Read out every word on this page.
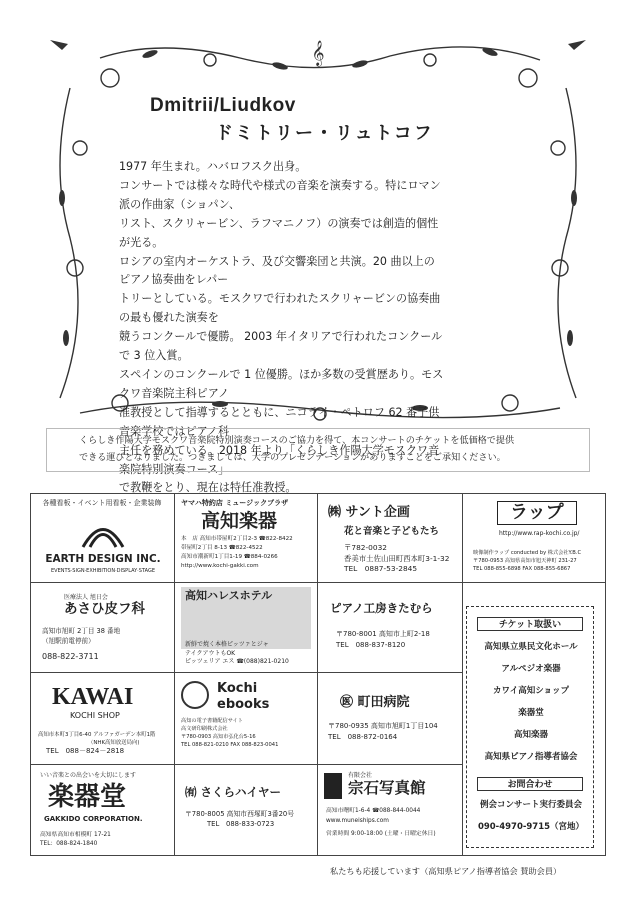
𝄞
Dmitrii/Liudkov
ドミトリー・リュトコフ

1977 年生まれ。ハバロフスク出身。

コンサートでは様々な時代や様式の音楽を演奏する。特にロマン派の作曲家（ショパン、

リスト、スクリャービン、ラフマニノフ）の演奏では創造的個性が光る。

ロシアの室内オーケストラ、及び交響楽団と共演。20 曲以上のピアノ協奏曲をレパー

トリーとしている。モスクワで行われたスクリャービンの協奏曲の最も優れた演奏を

競うコンクールで優勝。 2003 年イタリアで行われたコンクールで 3 位入賞。

スペインのコンクールで 1 位優勝。ほか多数の受賞歴あり。モスクワ音楽院主科ピアノ

准教授として指導するとともに、ニコライ・ペトロフ 62 番子供音楽学校ではピアノ科

主任を務めている。2018 年より「くらしき作陽大学モスクワ音楽院特別演奏コース」

で教鞭をとり、現在は特任准教授。

くらしき作陽大学モスクワ音楽院特別演奏コースのご協力を得て、本コンサートのチケットを低価格で提供
できる運びとなりました。つきましては、大学のプレゼンテーションがありますことをご承知ください。
各種看板・イベント用看板・企業装飾
EARTH DESIGN INC.
EVENTS·SIGN·EXHIBITION·DISPLAY·STAGE
ヤマハ特約店 ミュージックプラザ
高知楽器
本　店 高知市帯屋町2丁目2-3 ☎822-8422
帯屋町2丁目 8-13 ☎822-4522
高知市潮新町1丁目1-19 ☎884-0266
http://www.kochi-gakki.com
㈱ サント企画
花と音楽と子どもたち
〒782-0032
香美市土佐山田町西本町3-1-32
TEL　0887-53-2845
ラップ
http://www.rap-kochi.co.jp/
映像制作ラップ conducted by 株式会社Y.B.C
〒780-0953 高知県高知市旭天神町 231-27
TEL 088-855-6898 FAX 088-855-6867
医療法人 旭日会
あさひ皮フ科
高知市旭町 2丁目 38 番地
（旭駅前電停前）
088-822-3711
高知ハレスホテル
新鮮で焼く本格ピッツァとジャ
テイクアウトもOK
ピッツェリア エス ☎(088)821-0210
ピアノ工房きたむら
〒780-8001 高知市上町2-18
TEL　088-837-8120
KAWAI
KOCHI SHOP
高知市本町3丁目6-40 アルファガーデン本町1階
（NHK高知放送局向)
TEL　088－824－2818
Kochi ebooks
高知の電子書籍配信サイト
高文研印刷株式会社
〒780-0903 高知市弘化台5-16
TEL 088-821-0210 FAX 088-823-0041
㊩ 町田病院
〒780-0935 高知市旭町1丁目104
TEL　088-872-0164
いい音楽との出会いを大切にします
楽器堂
GAKKIDO CORPORATION.
高知県高知市相模町 17-21
TEL：088-824-1840
㈲ さくらハイヤー
〒780-8005 高知市西塚町3番20号
TEL　088-833-0723
有限会社
宗石写真館
高知市曙町1-6-4 ☎088-844-0044
www.muneiships.com
営業時間 9:00-18:00 (土曜・日曜定休日)
チケット取扱い
高知県立県民文化ホール
アルペジオ楽器
カワイ高知ショップ
楽器堂
高知楽器
高知県ピアノ指導者協会
お問合わせ
例会コンサート実行委員会
090-4970-9715（宮地）
私たちも応援しています（高知県ピアノ指導者協会 賛助会員）
